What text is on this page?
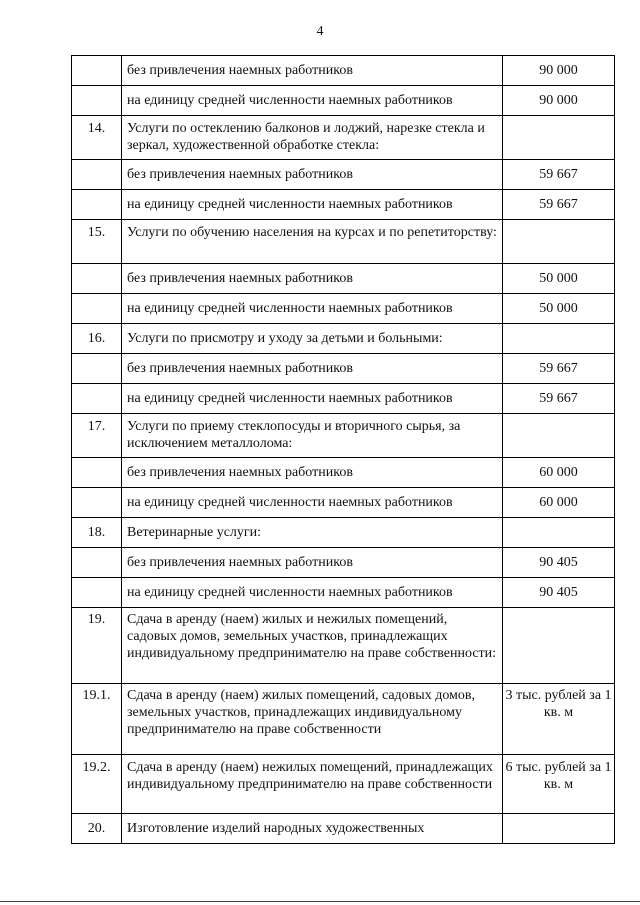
4

	без привлечения наемных работников	90 000

	на единицу средней численности наемных работников	90 000

14.	Услуги по остеклению балконов и лоджий, нарезке стекла и зеркал, художественной обработке стекла:	

	без привлечения наемных работников	59 667

	на единицу средней численности наемных работников	59 667

15.	Услуги по обучению населения на курсах и по репетиторству:	

	без привлечения наемных работников	50 000

	на единицу средней численности наемных работников	50 000

16.	Услуги по присмотру и уходу за детьми и больными:	

	без привлечения наемных работников	59 667

	на единицу средней численности наемных работников	59 667

17.	Услуги по приему стеклопосуды и вторичного сырья, за исключением металлолома:	

	без привлечения наемных работников	60 000

	на единицу средней численности наемных работников	60 000

18.	Ветеринарные услуги:	

	без привлечения наемных работников	90 405

	на единицу средней численности наемных работников	90 405

19.	Сдача в аренду (наем) жилых и нежилых помещений, садовых домов, земельных участков, принадлежащих индивидуальному предпринимателю на праве собственности:	

19.1.	Сдача в аренду (наем) жилых помещений, садовых домов, земельных участков, принадлежащих индивидуальному предпринимателю на праве собственности	3 тыс. рублей за 1 кв. м

19.2.	Сдача в аренду (наем) нежилых помещений, принадлежащих индивидуальному предпринимателю на праве собственности	6 тыс. рублей за 1 кв. м

20.	Изготовление изделий народных художественных	
